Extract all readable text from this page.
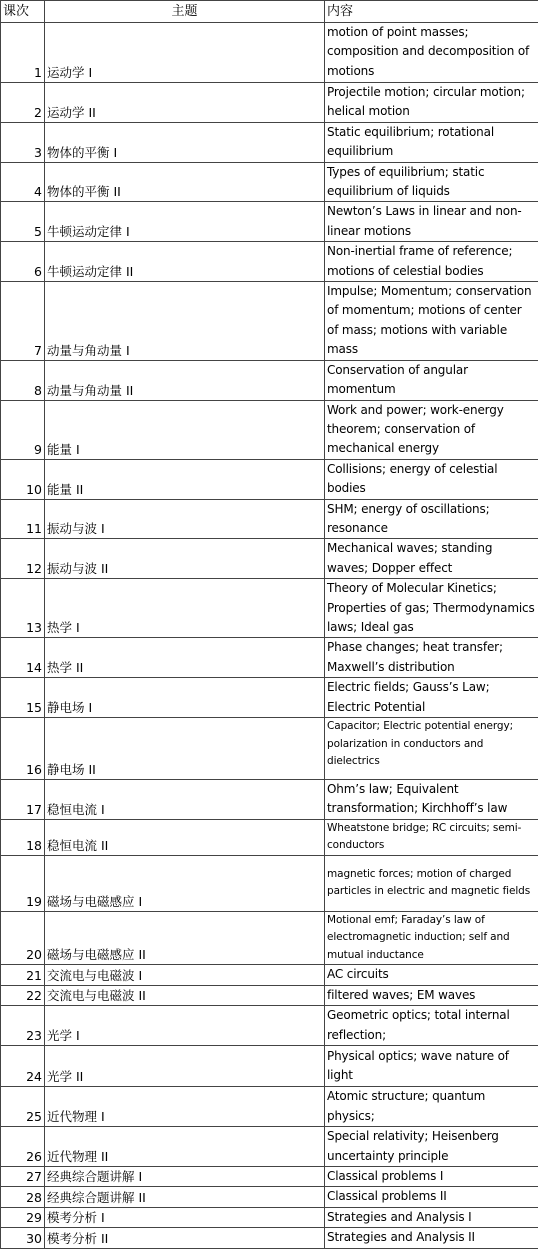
课次	主题	内容
1	运动学 I	motion of point masses; composition and decomposition of motions
2	运动学 II	Projectile motion; circular motion; helical motion
3	物体的平衡 I	Static equilibrium; rotational equilibrium
4	物体的平衡 II	Types of equilibrium; static equilibrium of liquids
5	牛顿运动定律 I	Newton’s Laws in linear and non-linear motions
6	牛顿运动定律 II	Non-inertial frame of reference; motions of celestial bodies
7	动量与角动量 I	Impulse; Momentum; conservation of momentum; motions of center of mass; motions with variable mass
8	动量与角动量 II	Conservation of angular momentum
9	能量 I	Work and power; work-energy theorem; conservation of mechanical energy
10	能量 II	Collisions; energy of celestial bodies
11	振动与波 I	SHM; energy of oscillations; resonance
12	振动与波 II	Mechanical waves; standing waves; Dopper effect
13	热学 I	Theory of Molecular Kinetics; Properties of gas; Thermodynamics laws; Ideal gas
14	热学 II	Phase changes; heat transfer; Maxwell’s distribution
15	静电场 I	Electric fields; Gauss’s Law; Electric Potential
16	静电场 II	Capacitor; Electric potential energy; polarization in conductors and dielectrics
17	稳恒电流 I	Ohm’s law; Equivalent transformation; Kirchhoff’s law
18	稳恒电流 II	Wheatstone bridge; RC circuits; semi-conductors
19	磁场与电磁感应 I	magnetic forces; motion of charged particles in electric and magnetic fields
20	磁场与电磁感应 II	Motional emf; Faraday’s law of electromagnetic induction; self and mutual inductance
21	交流电与电磁波 I	AC circuits
22	交流电与电磁波 II	filtered waves; EM waves
23	光学 I	Geometric optics; total internal reflection;
24	光学 II	Physical optics; wave nature of light
25	近代物理 I	Atomic structure; quantum physics;
26	近代物理 II	Special relativity; Heisenberg uncertainty principle
27	经典综合题讲解 I	Classical problems I
28	经典综合题讲解 II	Classical problems II
29	模考分析 I	Strategies and Analysis I
30	模考分析 II	Strategies and Analysis II
